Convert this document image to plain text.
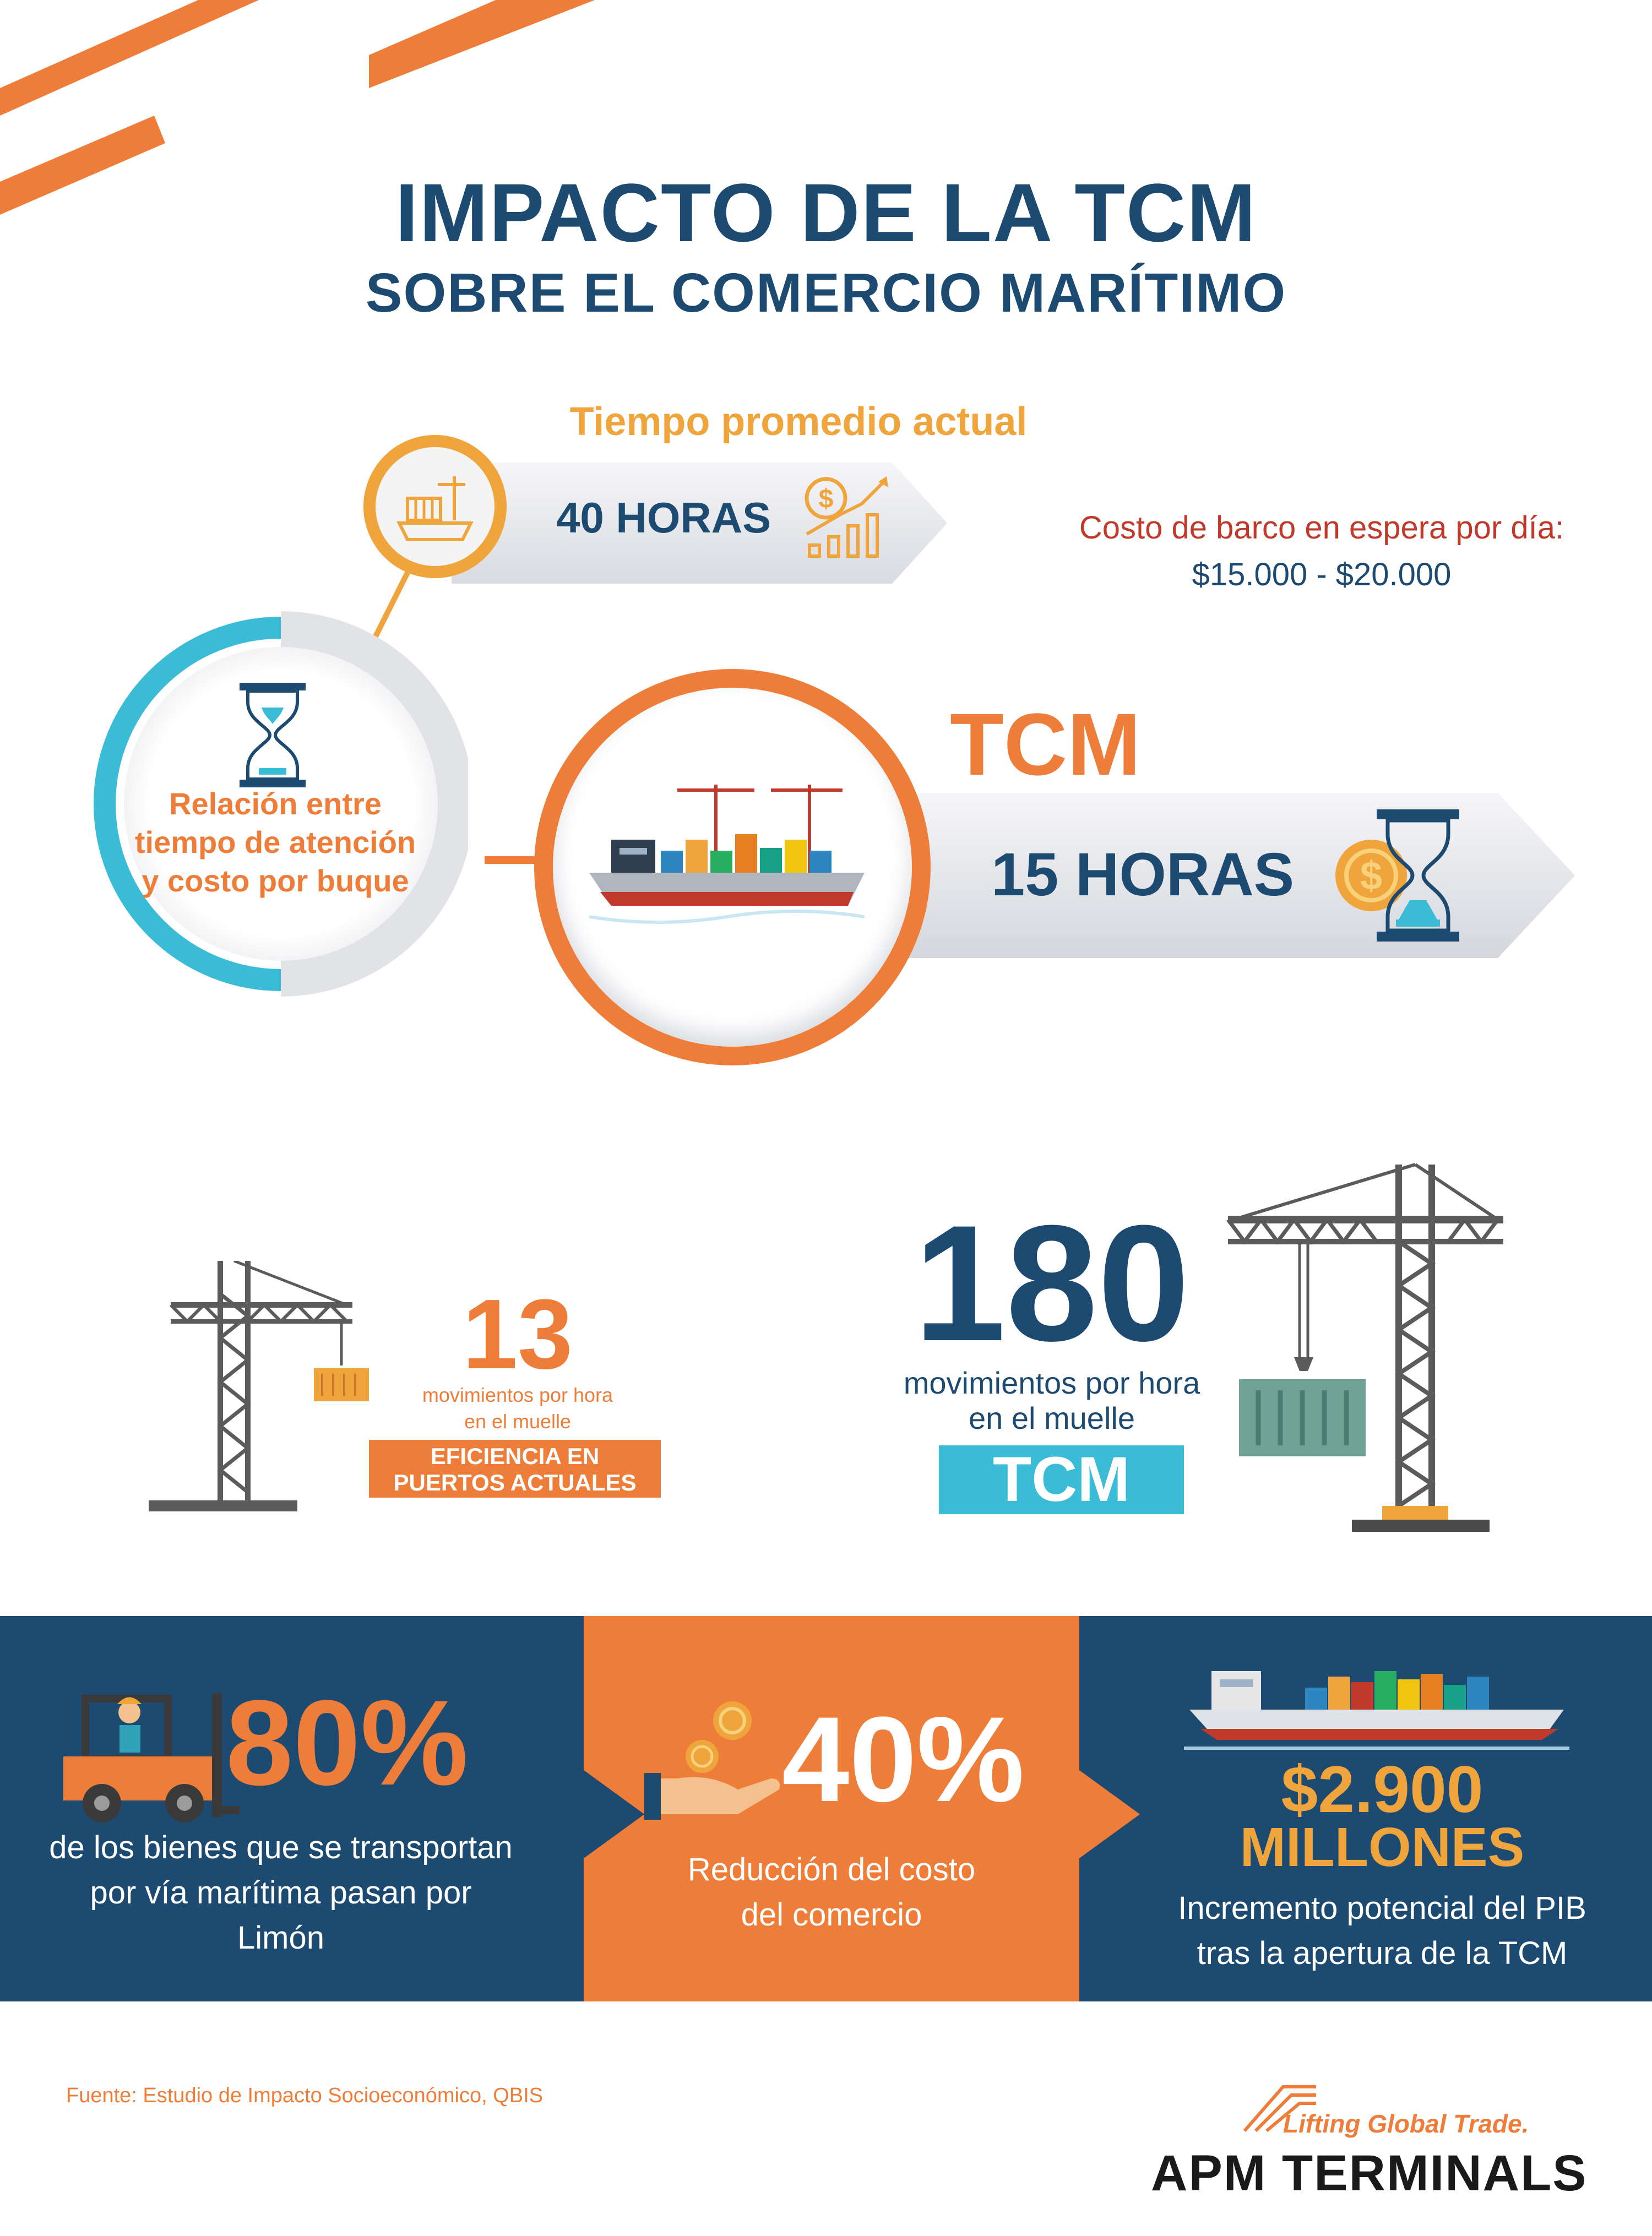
IMPACTO DE LA TCM
SOBRE EL COMERCIO MARÍTIMO
Tiempo promedio actual
40 HORAS $
Costo de barco en espera por día:
$15.000 - $20.000
Relación entre
tiempo de atención
y costo por buque
TCM
15 HORAS $
13
movimientos por hora
en el muelle
EFICIENCIA EN
PUERTOS ACTUALES
180
movimientos por hora
en el muelle
TCM
80%
de los bienes que se transportan
por vía marítima pasan por
Limón
40%
Reducción del costo
del comercio
$2.900
MILLONES
Incremento potencial del PIB
tras la apertura de la TCM
Fuente: Estudio de Impacto Socioeconómico, QBIS
Lifting Global Trade.
APM TERMINALS
